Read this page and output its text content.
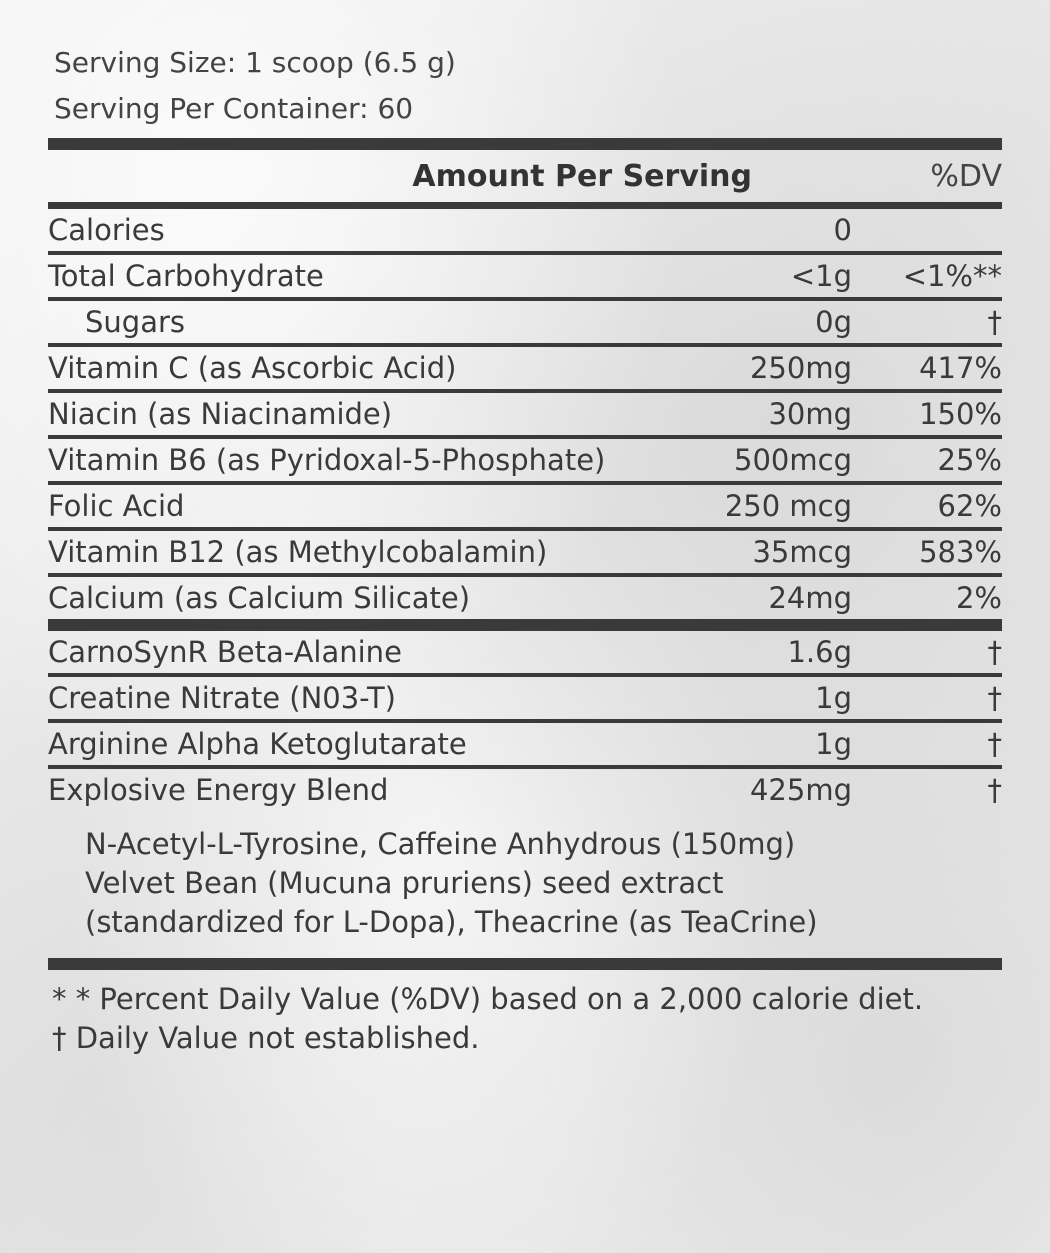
Serving Size: 1 scoop (6.5 g)
Serving Per Container: 60
Amount Per Serving	%DV
Calories	0
Total Carbohydrate	<1g	<1%**
Sugars	0g	†
Vitamin C (as Ascorbic Acid)	250mg	417%
Niacin (as Niacinamide)	30mg	150%
Vitamin B6 (as Pyridoxal-5-Phosphate)	500mcg	25%
Folic Acid	250 mcg	62%
Vitamin B12 (as Methylcobalamin)	35mcg	583%
Calcium (as Calcium Silicate)	24mg	2%
CarnoSynR Beta-Alanine	1.6g	†
Creatine Nitrate (N03-T)	1g	†
Arginine Alpha Ketoglutarate	1g	†
Explosive Energy Blend	425mg	†
N-Acetyl-L-Tyrosine, Caffeine Anhydrous (150mg)
Velvet Bean (Mucuna pruriens) seed extract
(standardized for L-Dopa), Theacrine (as TeaCrine)
* * Percent Daily Value (%DV) based on a 2,000 calorie diet.
† Daily Value not established.
